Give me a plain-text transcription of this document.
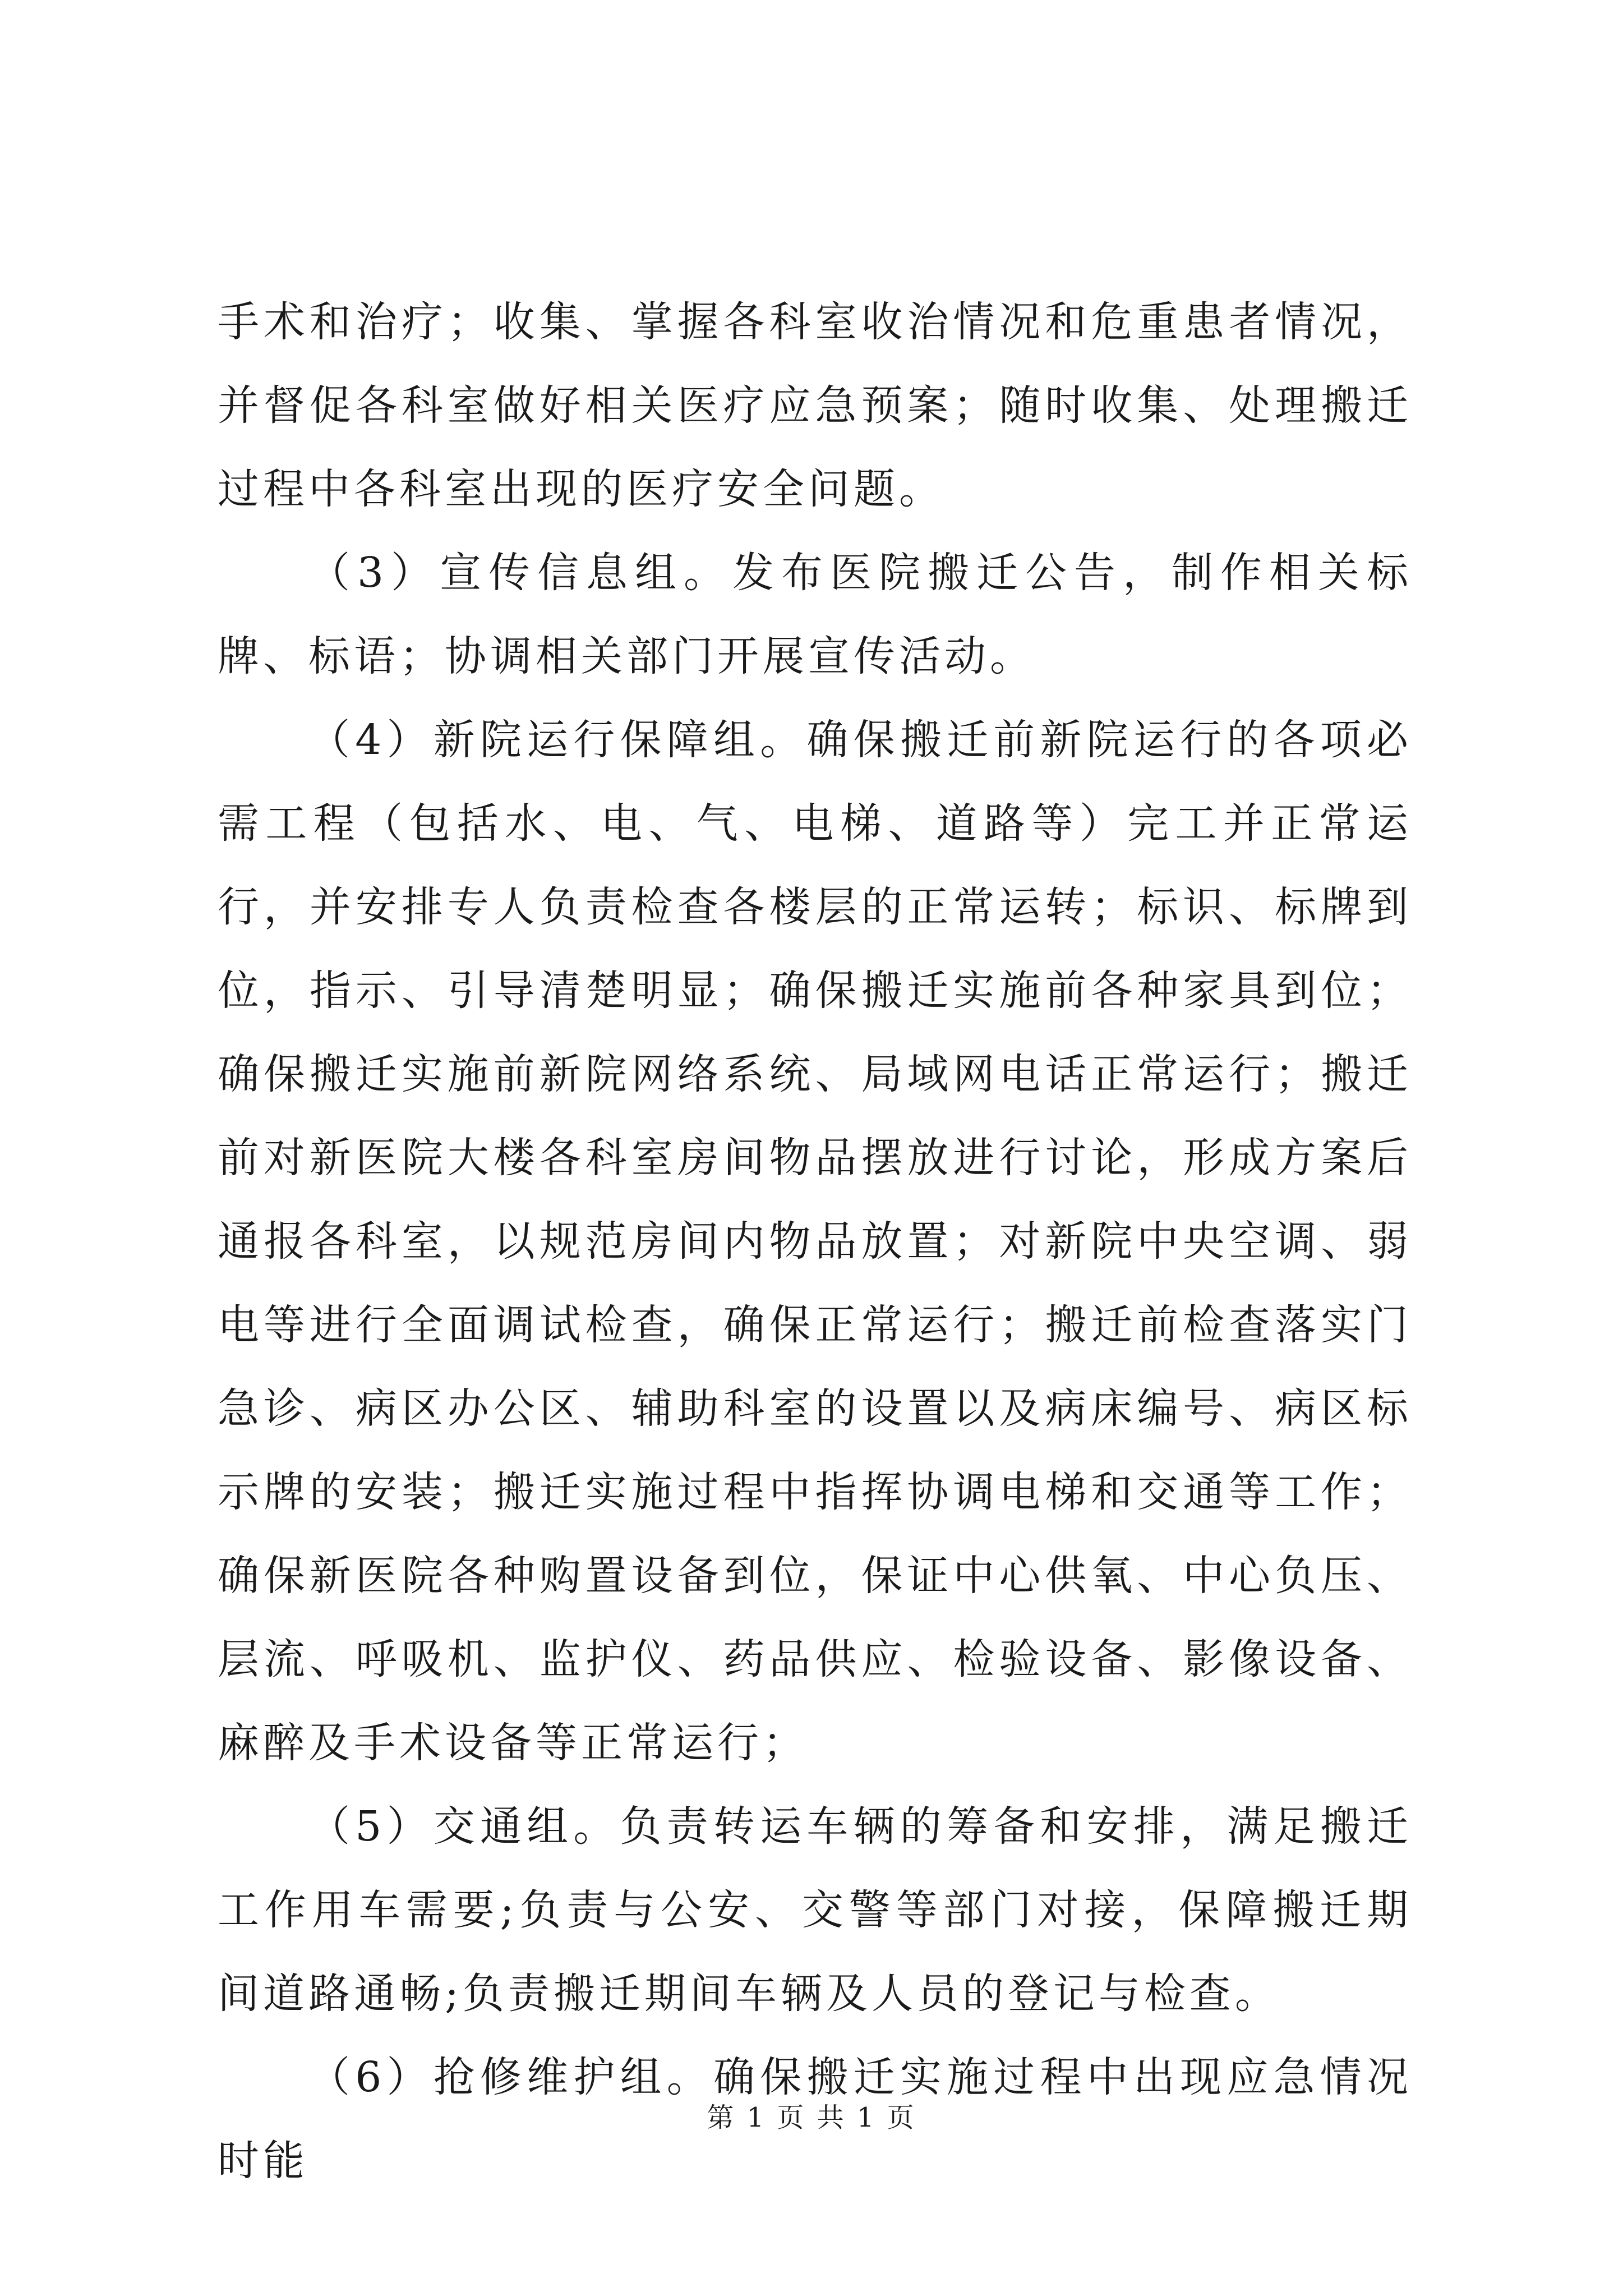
手术和治疗；收集、掌握各科室收治情况和危重患者情况，并督促各科室做好相关医疗应急预案；随时收集、处理搬迁过程中各科室出现的医疗安全问题。

（3）宣传信息组。发布医院搬迁公告，制作相关标牌、标语；协调相关部门开展宣传活动。

（4）新院运行保障组。确保搬迁前新院运行的各项必需工程（包括水、电、气、电梯、道路等）完工并正常运行，并安排专人负责检查各楼层的正常运转；标识、标牌到位，指示、引导清楚明显；确保搬迁实施前各种家具到位；确保搬迁实施前新院网络系统、局域网电话正常运行；搬迁前对新医院大楼各科室房间物品摆放进行讨论，形成方案后通报各科室，以规范房间内物品放置；对新院中央空调、弱电等进行全面调试检查，确保正常运行；搬迁前检查落实门急诊、病区办公区、辅助科室的设置以及病床编号、病区标示牌的安装；搬迁实施过程中指挥协调电梯和交通等工作；确保新医院各种购置设备到位，保证中心供氧、中心负压、层流、呼吸机、监护仪、药品供应、检验设备、影像设备、麻醉及手术设备等正常运行；

（5）交通组。负责转运车辆的筹备和安排，满足搬迁工作用车需要;负责与公安、交警等部门对接，保障搬迁期间道路通畅;负责搬迁期间车辆及人员的登记与检查。

（6）抢修维护组。确保搬迁实施过程中出现应急情况时能

第 1 页 共 1 页
